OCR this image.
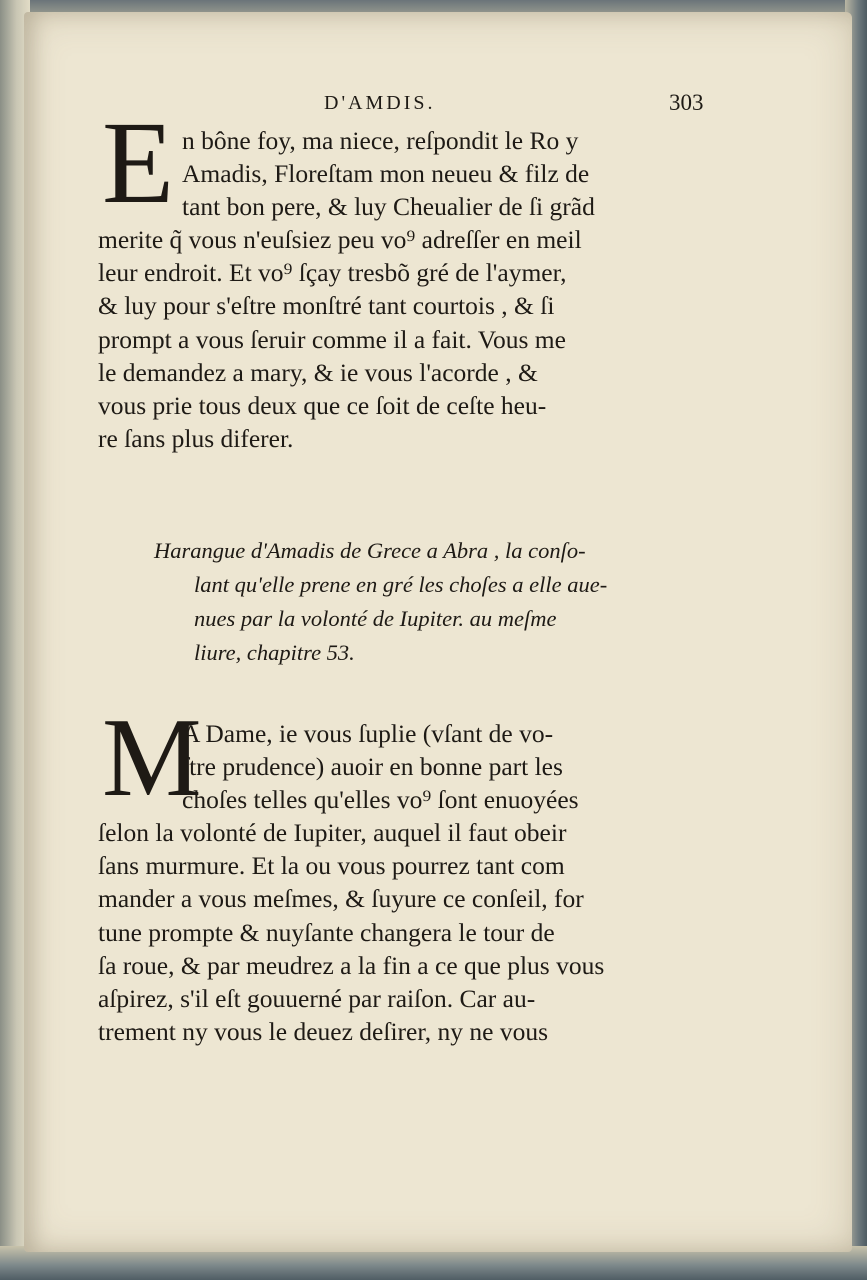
D'AMDIS.	303
E n bône foy, ma niece, reſpondit le Ro y
Amadis, Floreſtam mon neueu & filz de
tant bon pere, & luy Cheualier de ſi grãd
merite q̃ vous n'euſsiez peu vo⁹ adreſſer en meil
leur endroit. Et vo⁹ ſçay tresbõ gré de l'aymer,
& luy pour s'eſtre monſtré tant courtois , & ſi
prompt a vous ſeruir comme il a fait. Vous me
le demandez a mary, & ie vous l'acorde , &
vous prie tous deux que ce ſoit de ceſte heu-
re ſans plus diferer.
Harangue d'Amadis de Grece a Abra , la conſo-
lant qu'elle prene en gré les choſes a elle aue-
nues par la volonté de Iupiter. au meſme
liure, chapitre 53.
M
A Dame, ie vous ſuplie (vſant de vo-
ſtre prudence) auoir en bonne part les
choſes telles qu'elles vo⁹ ſont enuoyées
ſelon la volonté de Iupiter, auquel il faut obeir
ſans murmure. Et la ou vous pourrez tant com
mander a vous meſmes, & ſuyure ce conſeil, for
tune prompte & nuyſante changera le tour de
ſa roue, & par meudrez a la fin a ce que plus vous
aſpirez, s'il eſt gouuerné par raiſon. Car au-
trement ny vous le deuez deſirer, ny ne vous
